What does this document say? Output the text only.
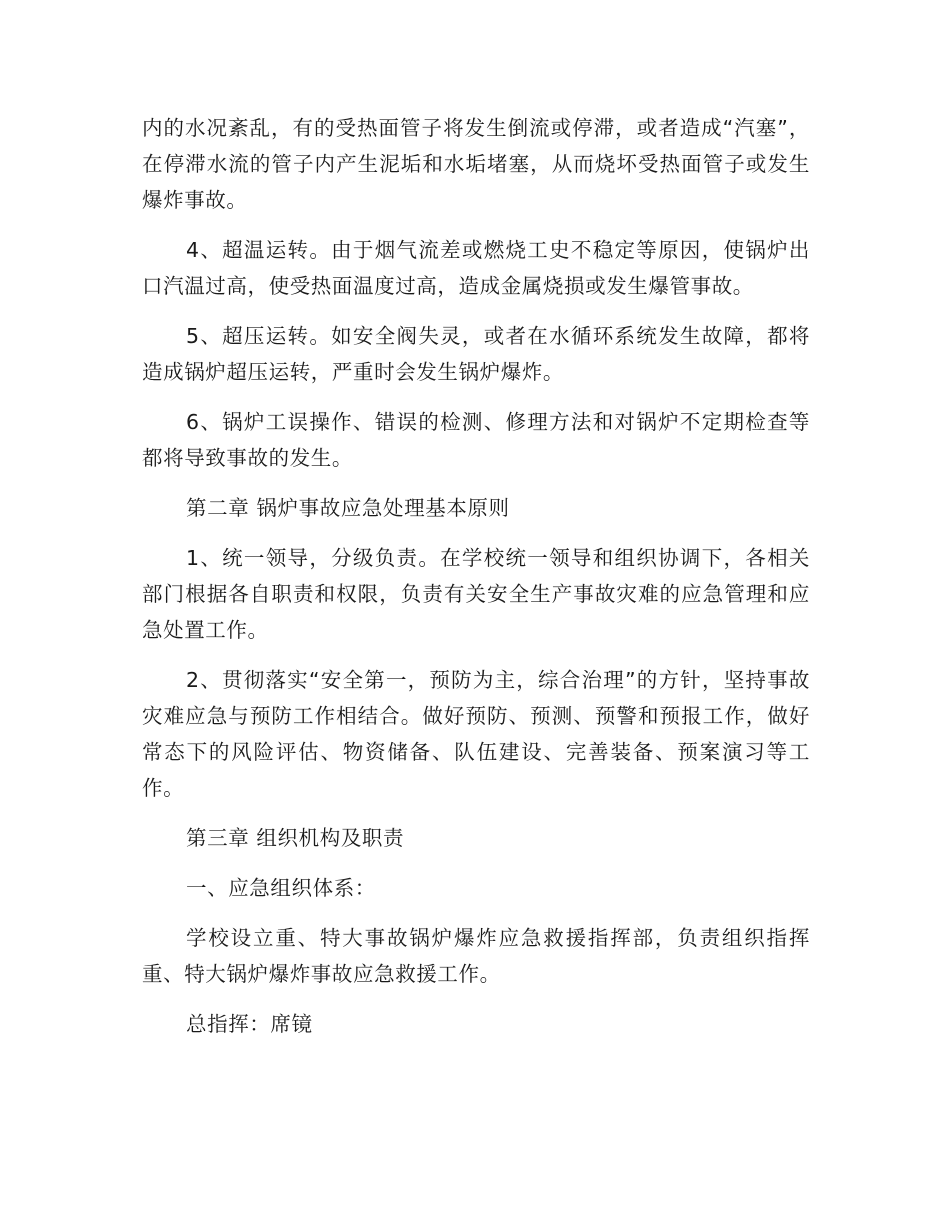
内的水况紊乱，有的受热面管子将发生倒流或停滞，或者造成“汽塞”，在停滞水流的管子内产生泥垢和水垢堵塞，从而烧坏受热面管子或发生爆炸事故。

4、超温运转。由于烟气流差或燃烧工史不稳定等原因，使锅炉出口汽温过高，使受热面温度过高，造成金属烧损或发生爆管事故。

5、超压运转。如安全阀失灵，或者在水循环系统发生故障，都将造成锅炉超压运转，严重时会发生锅炉爆炸。

6、锅炉工误操作、错误的检测、修理方法和对锅炉不定期检查等都将导致事故的发生。

第二章 锅炉事故应急处理基本原则

1、统一领导，分级负责。在学校统一领导和组织协调下，各相关部门根据各自职责和权限，负责有关安全生产事故灾难的应急管理和应急处置工作。

2、贯彻落实“安全第一，预防为主，综合治理”的方针，坚持事故灾难应急与预防工作相结合。做好预防、预测、预警和预报工作，做好常态下的风险评估、物资储备、队伍建设、完善装备、预案演习等工作。

第三章 组织机构及职责

一、应急组织体系：

学校设立重、特大事故锅炉爆炸应急救援指挥部，负责组织指挥重、特大锅炉爆炸事故应急救援工作。

总指挥：席镜
